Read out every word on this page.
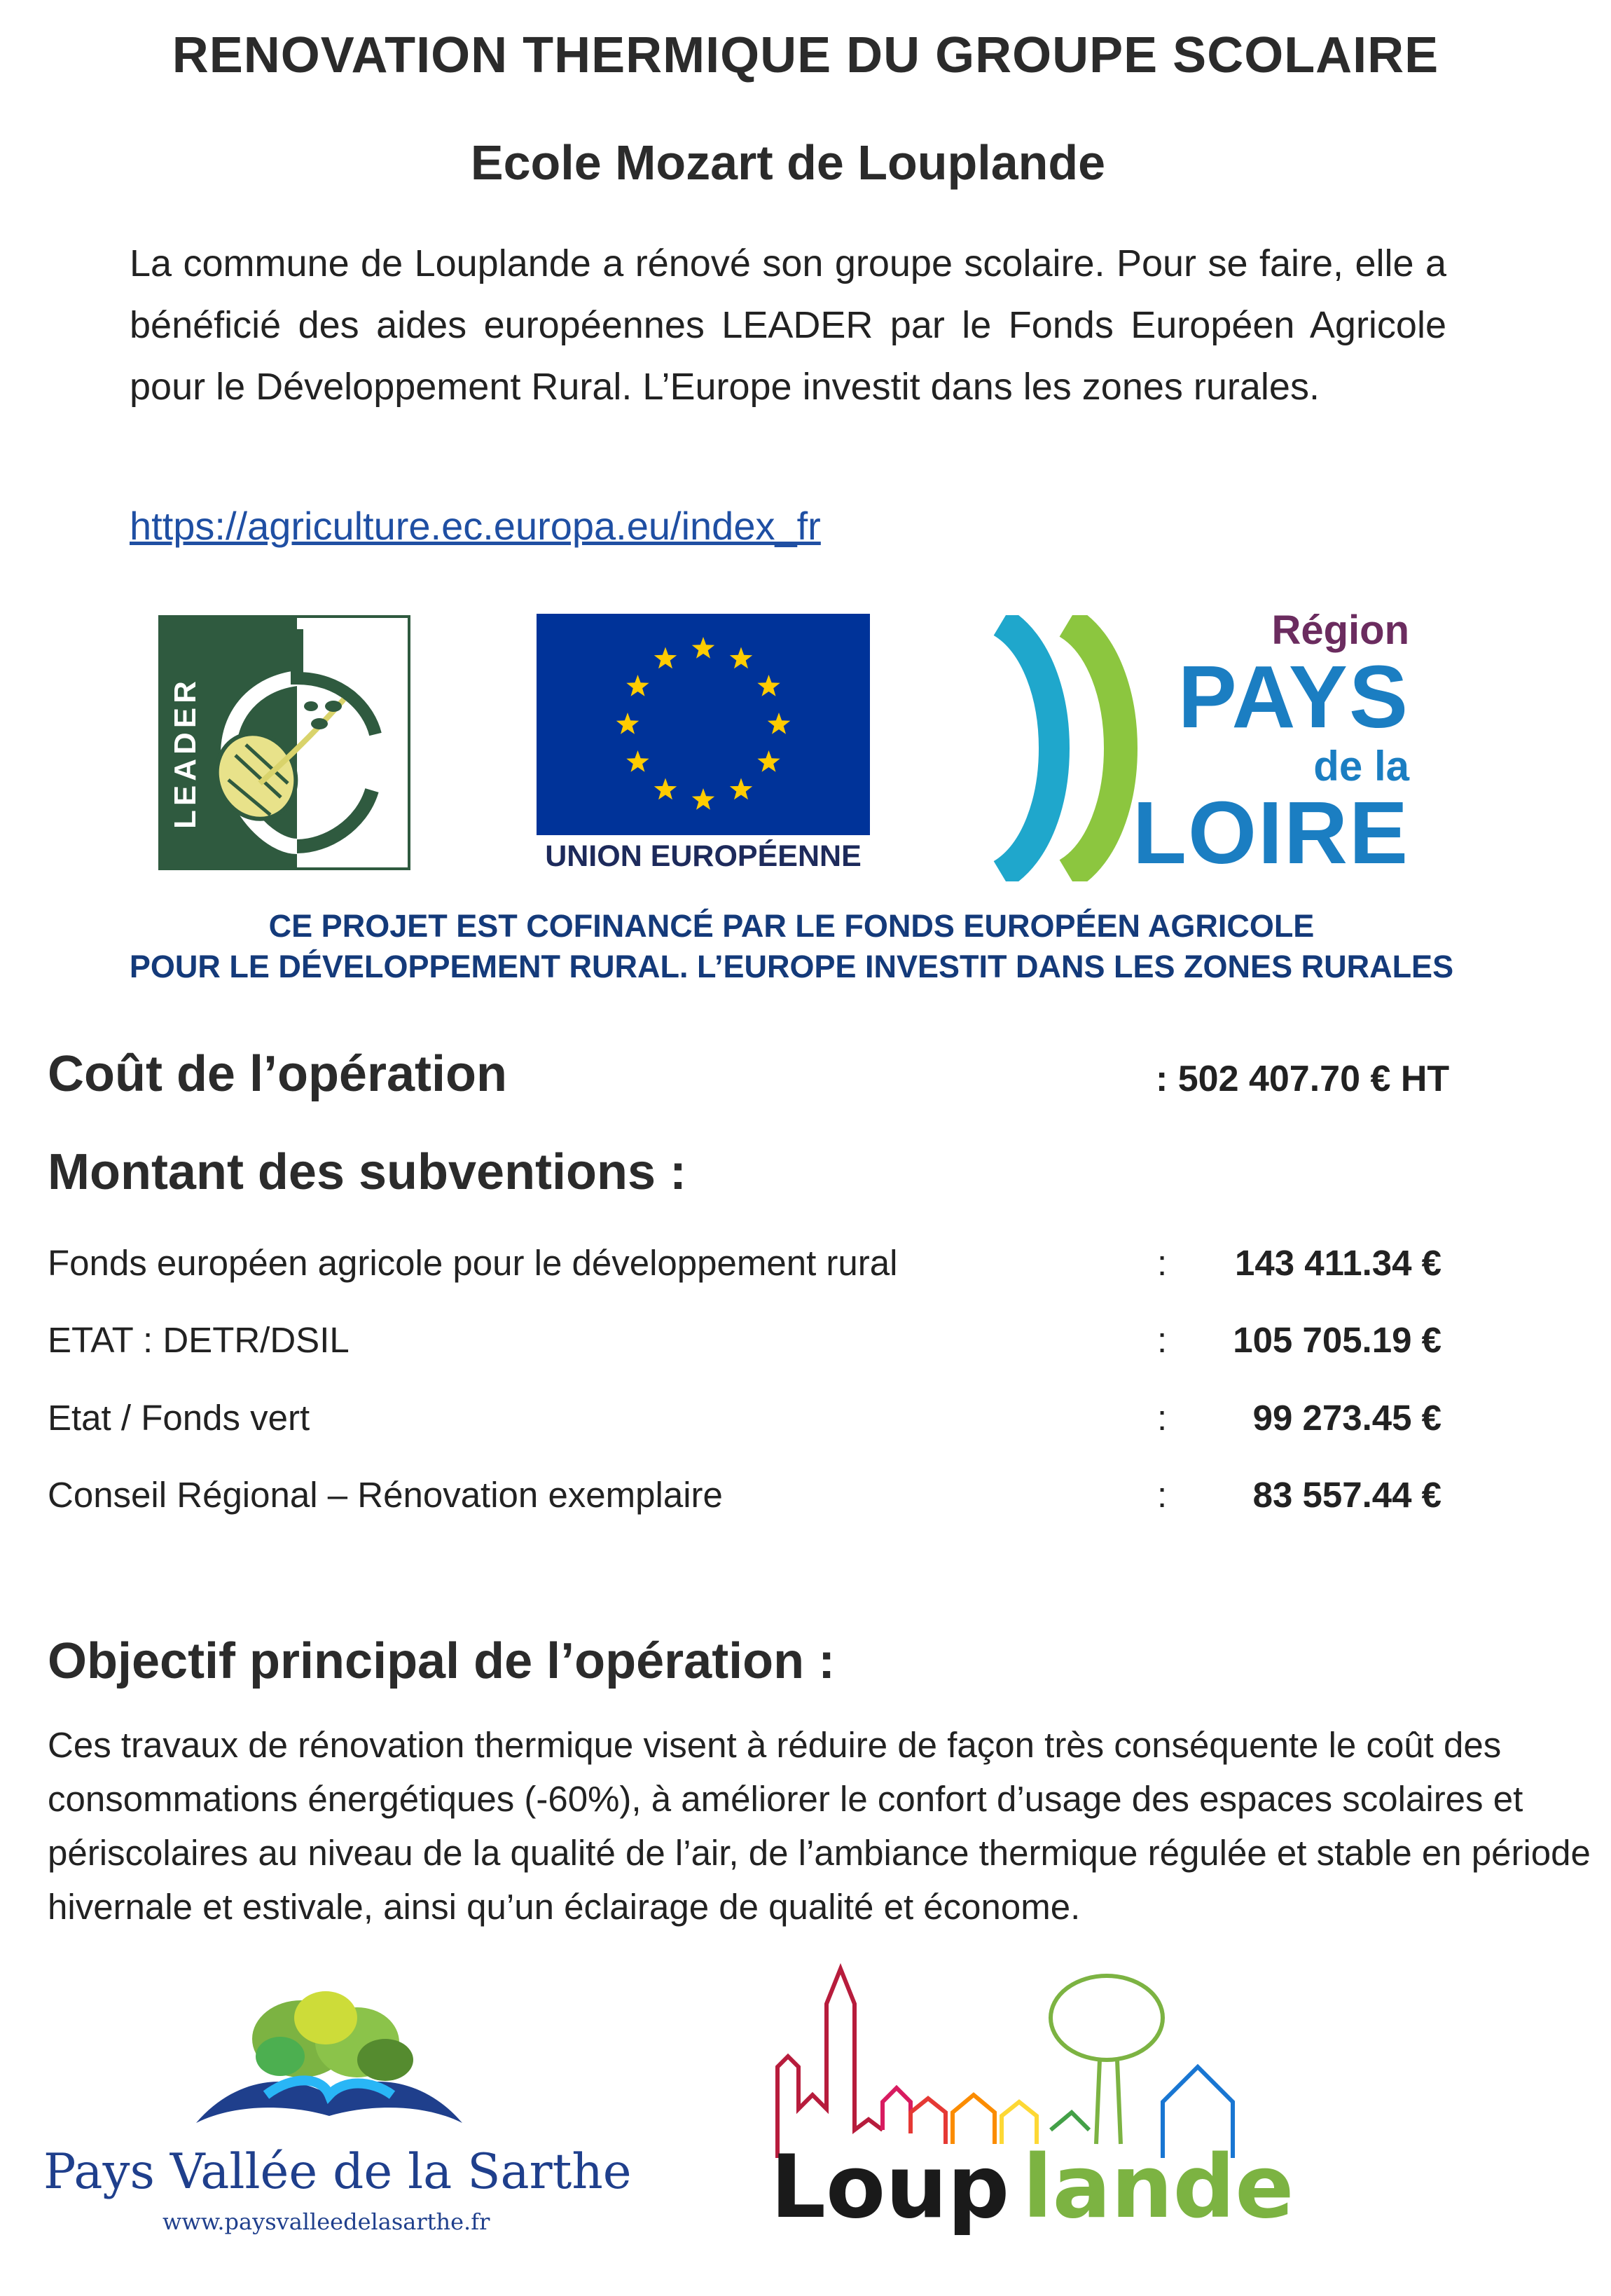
RENOVATION THERMIQUE DU GROUPE SCOLAIRE
Ecole Mozart de Louplande
La commune de Louplande a rénové son groupe scolaire. Pour se faire, elle a bénéficié des aides européennes LEADER par le Fonds Européen Agricole pour le Développement Rural. L’Europe investit dans les zones rurales.
https://agriculture.ec.europa.eu/index_fr
LEADER
UNION EUROPÉENNE
Région
PAYS
de la
LOIRE
CE PROJET EST COFINANCÉ PAR LE FONDS EUROPÉEN AGRICOLE
POUR LE DÉVELOPPEMENT RURAL. L’EUROPE INVESTIT DANS LES ZONES RURALES
Coût de l’opération	: 502 407.70 € HT
Montant des subventions :
Fonds européen agricole pour le développement rural	:	143 411.34 €
ETAT : DETR/DSIL	:	105 705.19 €
Etat / Fonds vert	:	99 273.45 €
Conseil Régional – Rénovation exemplaire	:	83 557.44 €
Objectif principal de l’opération :
Ces travaux de rénovation thermique visent à réduire de façon très conséquente le coût des consommations énergétiques (-60%), à améliorer le confort d’usage des espaces scolaires et périscolaires au niveau de la qualité de l’air, de l’ambiance thermique régulée et stable en période hivernale et estivale, ainsi qu’un éclairage de qualité et économe.
Pays Vallée de la Sarthe
www.paysvalleedelasarthe.fr	Loup lande
